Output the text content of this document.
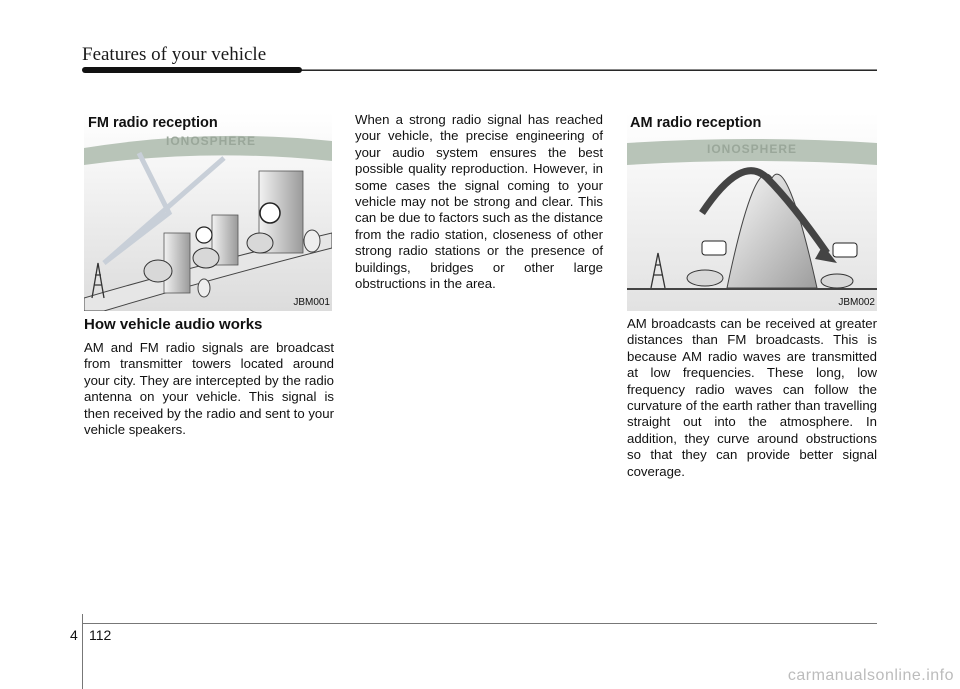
Features of your vehicle
FM radio reception
IONOSPHERE
JBM001

How vehicle audio works

AM and FM radio signals are broadcast from transmitter towers located around your city. They are intercepted by the radio antenna on your vehicle. This signal is then received by the radio and sent to your vehicle speakers.

When a strong radio signal has reached your vehicle, the precise engineering of your audio system ensures the best possible quality reproduction. However, in some cases the signal coming to your vehicle may not be strong and clear. This can be due to factors such as the distance from the radio station, closeness of other strong radio stations or the presence of buildings, bridges or other large obstructions in the area.

AM radio reception
IONOSPHERE
JBM002

AM broadcasts can be received at greater distances than FM broadcasts. This is because AM radio waves are transmitted at low frequencies. These long, low frequency radio waves can follow the curvature of the earth rather than travelling straight out into the atmosphere. In addition, they curve around obstructions so that they can provide better signal coverage.

4 112
carmanualsonline.info
